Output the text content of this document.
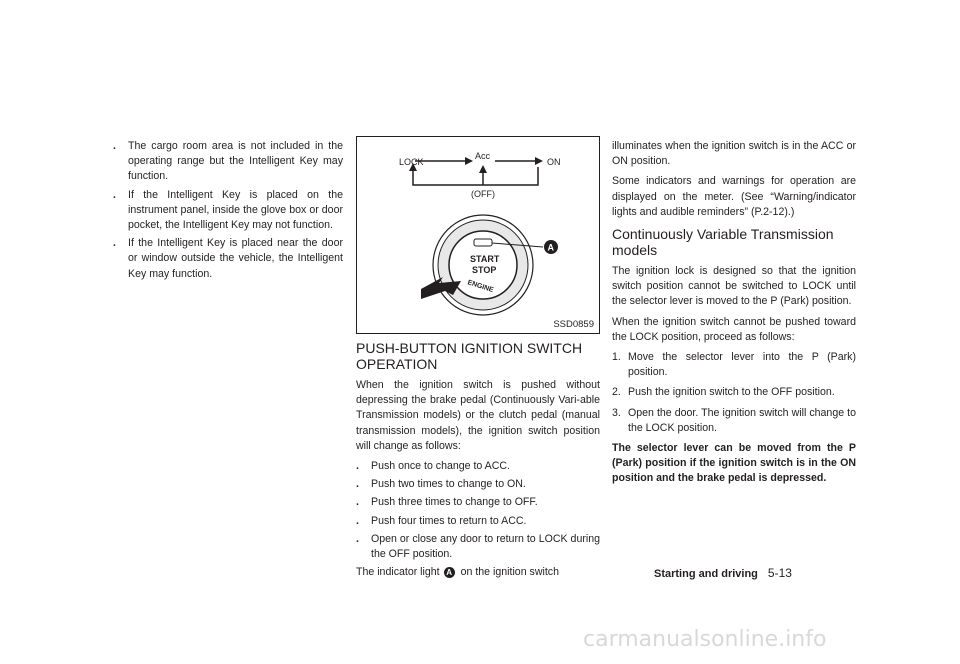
. The cargo room area is not included in the operating range but the Intelligent Key may function.
. If the Intelligent Key is placed on the instrument panel, inside the glove box or door pocket, the Intelligent Key may not function.
. If the Intelligent Key is placed near the door or window outside the vehicle, the Intelligent Key may function.
LOCK
Acc
ON
(OFF)
START
STOP
ENGINE
A
SSD0859
PUSH-BUTTON IGNITION SWITCH OPERATION

When the ignition switch is pushed without depressing the brake pedal (Continuously Vari-able Transmission models) or the clutch pedal (manual transmission models), the ignition switch position will change as follows:

. Push once to change to ACC.
. Push two times to change to ON.
. Push three times to change to OFF.
. Push four times to return to ACC.
. Open or close any door to return to LOCK during the OFF position.

The indicator light A on the ignition switch

illuminates when the ignition switch is in the ACC or ON position.

Some indicators and warnings for operation are displayed on the meter. (See “Warning/indicator lights and audible reminders” (P.2-12).)

Continuously Variable Transmission models

The ignition lock is designed so that the ignition switch position cannot be switched to LOCK until the selector lever is moved to the P (Park) position.

When the ignition switch cannot be pushed toward the LOCK position, proceed as follows:

1. Move the selector lever into the P (Park) position.
2. Push the ignition switch to the OFF position.
3. Open the door. The ignition switch will change to the LOCK position.

The selector lever can be moved from the P (Park) position if the ignition switch is in the ON position and the brake pedal is depressed.

Starting and driving 5-13
carmanualsonline.info
